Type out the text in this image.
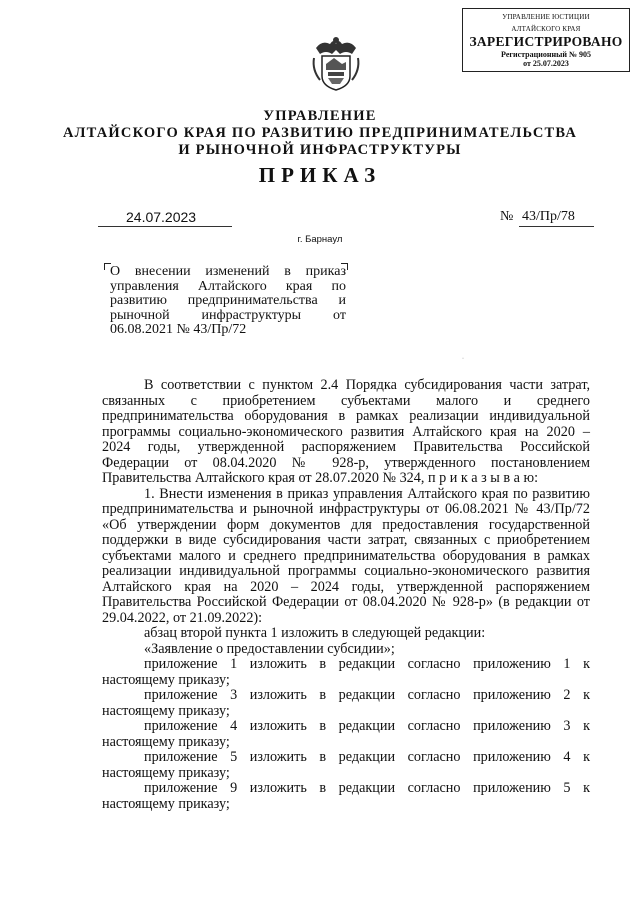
УПРАВЛЕНИЕ ЮСТИЦИИ
АЛТАЙСКОГО КРАЯ
ЗАРЕГИСТРИРОВАНО
Регистрационный № 905
от 25.07.2023
УПРАВЛЕНИЕ
АЛТАЙСКОГО КРАЯ ПО РАЗВИТИЮ ПРЕДПРИНИМАТЕЛЬСТВА
И РЫНОЧНОЙ ИНФРАСТРУКТУРЫ
ПРИКАЗ
24.07.2023	№ 43/Пр/78
г. Барнаул
О внесении изменений в приказ управления Алтайского края по развитию предпринимательства и рыночной инфраструктуры от 06.08.2021 № 43/Пр/72
·

В соответствии с пунктом 2.4 Порядка субсидирования части затрат, связанных с приобретением субъектами малого и среднего предпринимательства оборудования в рамках реализации индивидуальной программы социально-экономического развития Алтайского края на 2020 – 2024 годы, утвержденной распоряжением Правительства Российской Федерации от 08.04.2020 № 928-р, утвержденного постановлением Правительства Алтайского края от 28.07.2020 № 324, п р и к а з ы в а ю:

1. Внести изменения в приказ управления Алтайского края по развитию предпринимательства и рыночной инфраструктуры от 06.08.2021 № 43/Пр/72 «Об утверждении форм документов для предоставления государственной поддержки в виде субсидирования части затрат, связанных с приобретением субъектами малого и среднего предпринимательства оборудования в рамках реализации индивидуальной программы социально-экономического развития Алтайского края на 2020 – 2024 годы, утвержденной распоряжением Правительства Российской Федерации от 08.04.2020 № 928-р» (в редакции от 29.04.2022, от 21.09.2022):

абзац второй пункта 1 изложить в следующей редакции:

«Заявление о предоставлении субсидии»;

приложение 1 изложить в редакции согласно приложению 1 к настоящему приказу;

приложение 3 изложить в редакции согласно приложению 2 к настоящему приказу;

приложение 4 изложить в редакции согласно приложению 3 к настоящему приказу;

приложение 5 изложить в редакции согласно приложению 4 к настоящему приказу;

приложение 9 изложить в редакции согласно приложению 5 к настоящему приказу;
